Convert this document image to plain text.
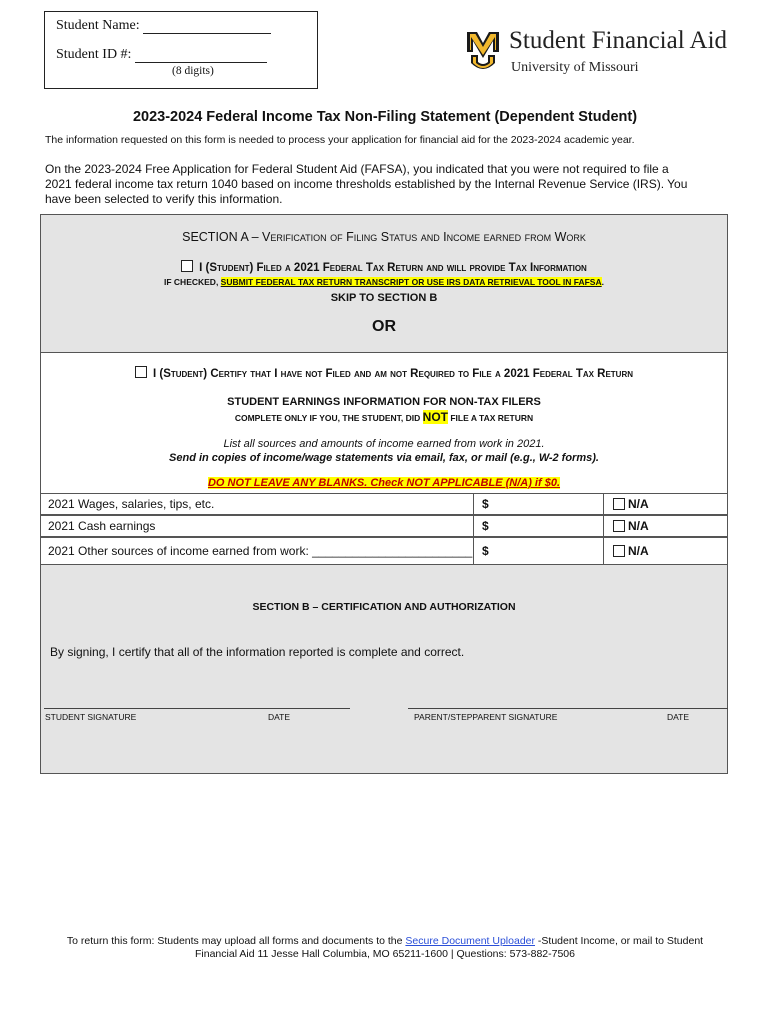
Student Name:
Student ID #:
(8 digits)
Student Financial Aid
University of Missouri
2023-2024 Federal Income Tax Non-Filing Statement (Dependent Student)
The information requested on this form is needed to process your application for financial aid for the 2023-2024 academic year.
On the 2023-2024 Free Application for Federal Student Aid (FAFSA), you indicated that you were not required to file a
2021 federal income tax return 1040 based on income thresholds established by the Internal Revenue Service (IRS). You
have been selected to verify this information.
SECTION A – Verification of Filing Status and Income earned from Work
I (Student) Filed a 2021 Federal Tax Return and will provide Tax Information
IF CHECKED, SUBMIT FEDERAL TAX RETURN TRANSCRIPT OR USE IRS DATA RETRIEVAL TOOL IN FAFSA.
SKIP TO SECTION B
OR
I (Student) Certify that I have not Filed and am not Required to File a 2021 Federal Tax Return
STUDENT EARNINGS INFORMATION FOR NON-TAX FILERS
COMPLETE ONLY IF YOU, THE STUDENT, DID NOT FILE A TAX RETURN
List all sources and amounts of income earned from work in 2021.
Send in copies of income/wage statements via email, fax, or mail (e.g., W-2 forms).
DO NOT LEAVE ANY BLANKS. Check NOT APPLICABLE (N/A) if $0.
2021 Wages, salaries, tips, etc.	$	N/A
2021 Cash earnings	$	N/A
2021 Other sources of income earned from work: ________________________ $	N/A
SECTION B – CERTIFICATION AND AUTHORIZATION
By signing, I certify that all of the information reported is complete and correct.
STUDENT SIGNATURE	DATE	PARENT/STEPPARENT SIGNATURE	DATE
To return this form: Students may upload all forms and documents to the Secure Document Uploader -Student Income, or mail to Student
Financial Aid 11 Jesse Hall Columbia, MO 65211-1600 | Questions: 573-882-7506
